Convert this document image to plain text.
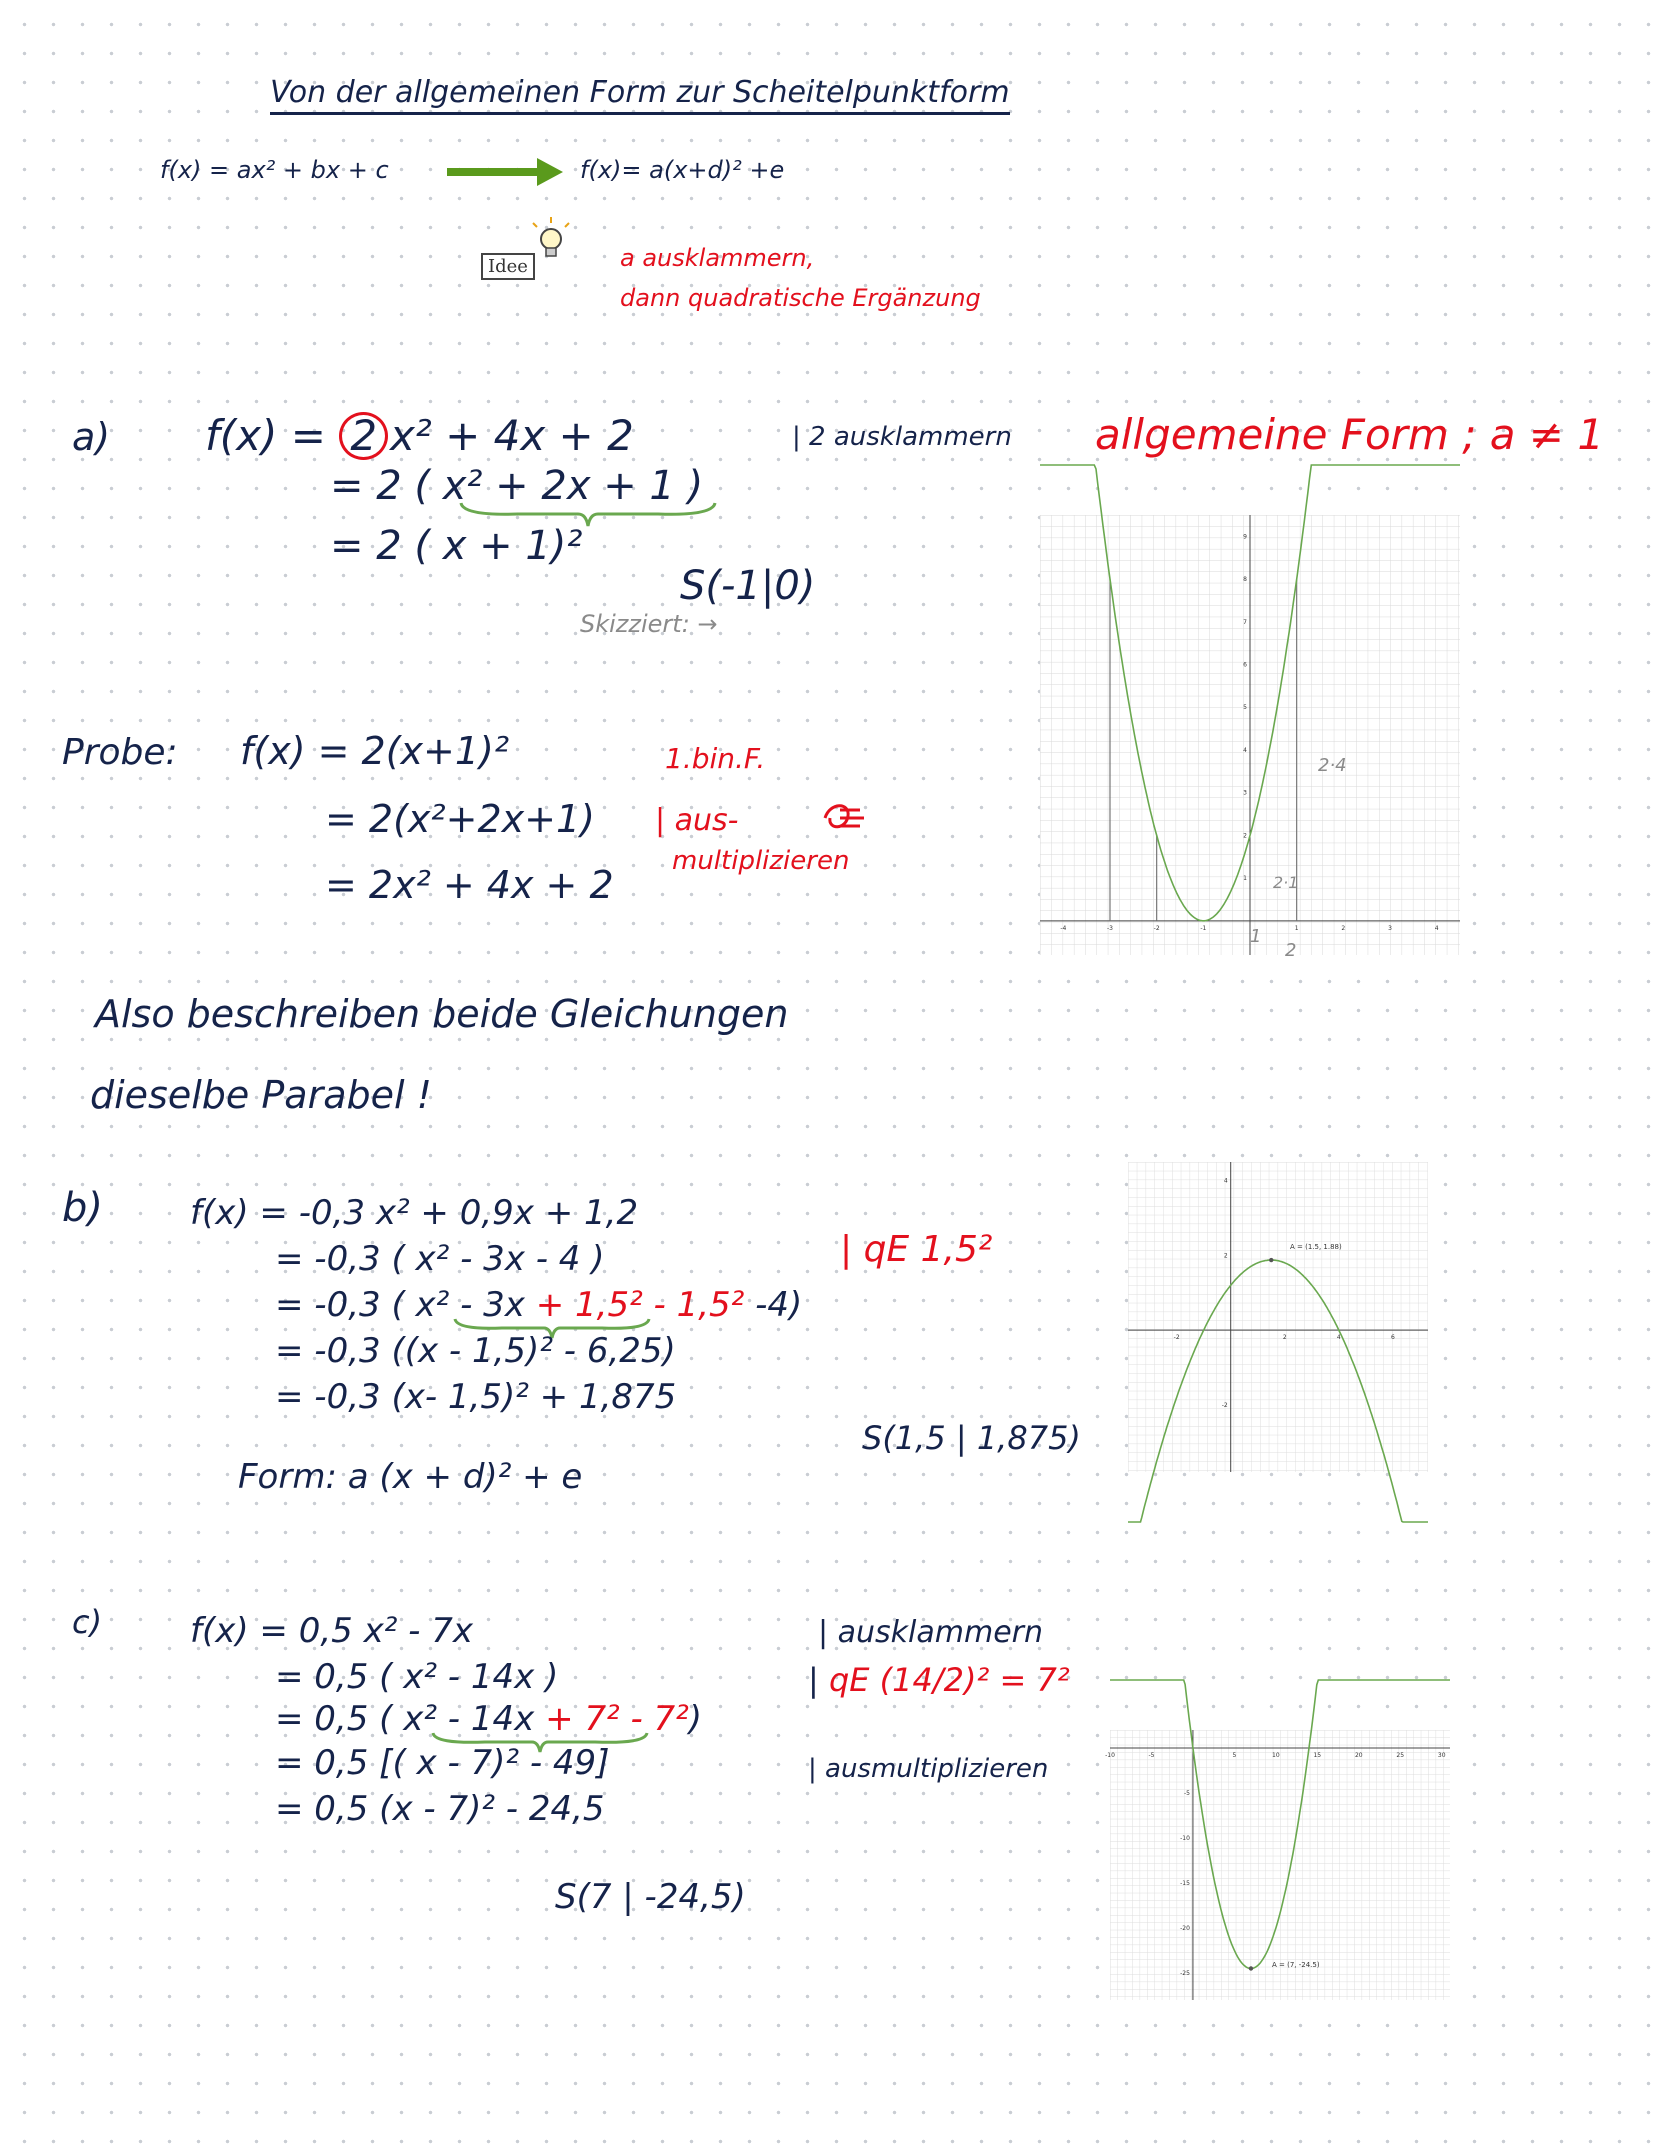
Von der allgemeinen Form zur Scheitelpunktform
f(x) = ax² + bx + c	f(x)= a(x+d)² +e
Idee	a ausklammern,
dann quadratische Ergänzung
a) f(x) = 2 x² + 4x + 2
= 2 ( x² + 2x + 1 )
= 2 ( x + 1)²
| 2 ausklammern allgemeine Form ; a ≠ 1
S(-1|0)
Skizziert: →
-4	-3	-2	-1	1	2	3	4
1
2
3
4
5
6
7
8
9
2·4
2·1
1
2
Probe: f(x) = 2(x+1)²
= 2(x²+2x+1)
= 2x² + 4x + 2
1.bin.F.
| aus-
multiplizieren
Also beschreiben beide Gleichungen
dieselbe Parabel !
b)	f(x) = -0,3 x² + 0,9x + 1,2
= -0,3 ( x² - 3x - 4 )
= -0,3 ( x² - 3x + 1,5² - 1,5² -4)
= -0,3 ((x - 1,5)² - 6,25)
= -0,3 (x- 1,5)² + 1,875
| qE 1,5²
S(1,5 | 1,875)
Form: a (x + d)² + e
-2	2	4	6
-2
2
4
A = (1.5, 1.88)
c)	f(x) = 0,5 x² - 7x
= 0,5 ( x² - 14x )
= 0,5 ( x² - 14x + 7² - 7²)
= 0,5 [( x - 7)² - 49]
= 0,5 (x - 7)² - 24,5
| ausklammern
| qE (14/2)² = 7²
| ausmultiplizieren
S(7 | -24,5)
-10	-5	5	10	15	20	25	30
-25
-20
-15
-10
-5
A = (7, -24.5)
